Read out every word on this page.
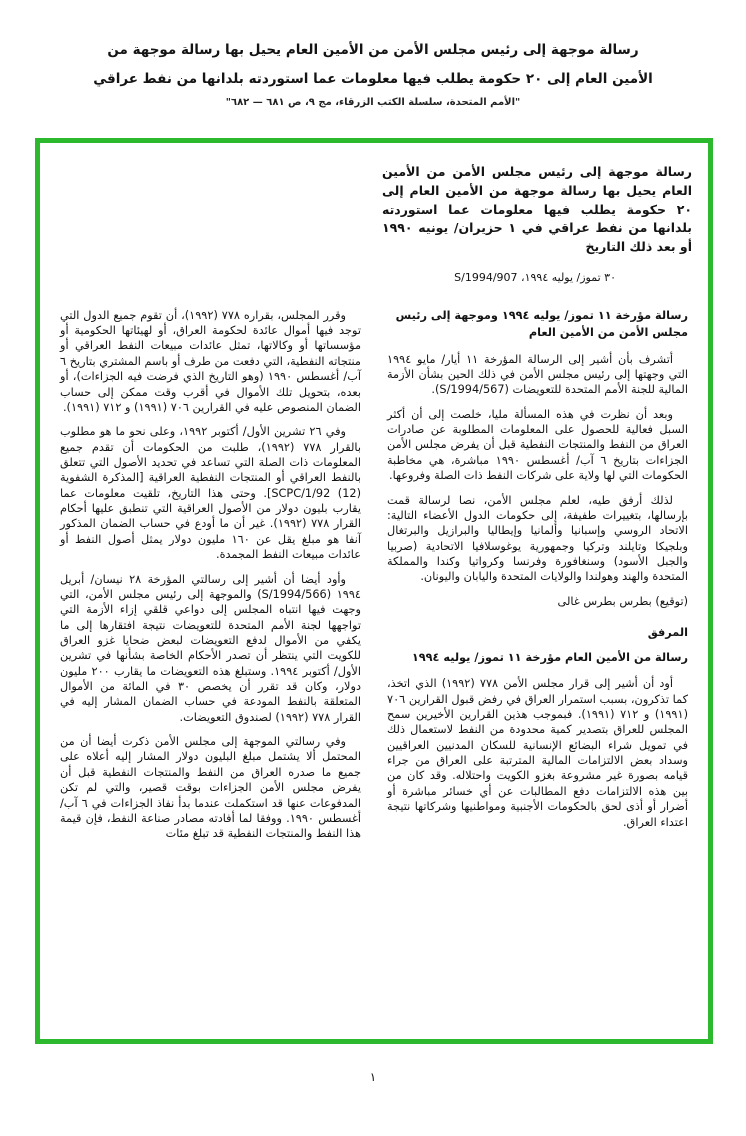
رسالة موجهة إلى رئيس مجلس الأمن من الأمين العام يحيل بها رسالة موجهة من
الأمين العام إلى ٢٠ حكومة يطلب فيها معلومات عما استوردته بلدانها من نفط عراقي
"الأمم المتحدة، سلسلة الكتب الزرقاء، مج ٩، ص ٦٨١ — ٦٨٢"
رسالة موجهة إلى رئيس مجلس الأمن من الأمين العام يحيل بها رسالة موجهة من الأمين العام إلى ٢٠ حكومة يطلب فيها معلومات عما استوردته بلدانها من نفط عراقي في ١ حزيران/ يونيه ١٩٩٠ أو بعد ذلك التاريخ
٣٠ تموز/ يوليه ١٩٩٤، S/1994/907
رسالة مؤرخة ١١ تموز/ يوليه ١٩٩٤ وموجهة إلى رئيس مجلس الأمن من الأمين العام

أتشرف بأن أشير إلى الرسالة المؤرخة ١١ أيار/ مايو ١٩٩٤ التي وجهتها إلى رئيس مجلس الأمن في ذلك الحين بشأن الأزمة المالية للجنة الأمم المتحدة للتعويضات (S/1994/567).

وبعد أن نظرت في هذه المسألة مليا، خلصت إلى أن أكثر السبل فعالية للحصول على المعلومات المطلوبة عن صادرات العراق من النفط والمنتجات النفطية قبل أن يفرض مجلس الأمن الجزاءات بتاريخ ٦ آب/ أغسطس ١٩٩٠ مباشرة، هي مخاطبة الحكومات التي لها ولاية على شركات النفط ذات الصلة وفروعها.

لذلك أرفق طيه، لعلم مجلس الأمن، نصا لرسالة قمت بإرسالها، بتغييرات طفيفة، إلى حكومات الدول الأعضاء التالية: الاتحاد الروسي وإسبانيا وألمانيا وإيطاليا والبرازيل والبرتغال وبلجيكا وتايلند وتركيا وجمهورية يوغوسلافيا الاتحادية (صربيا والجبل الأسود) وسنغافورة وفرنسا وكرواتيا وكندا والمملكة المتحدة والهند وهولندا والولايات المتحدة واليابان واليونان.

(توقيع) بطرس بطرس غالى
المرفق
رسالة من الأمين العام مؤرخة ١١ تموز/ يوليه ١٩٩٤

أود أن أشير إلى قرار مجلس الأمن ٧٧٨ (١٩٩٢) الذي اتخذ، كما تذكرون، بسبب استمرار العراق في رفض قبول القرارين ٧٠٦ (١٩٩١) و ٧١٢ (١٩٩١). فبموجب هذين القرارين الأخيرين سمح المجلس للعراق بتصدير كمية محدودة من النفط لاستعمال ذلك في تمويل شراء البضائع الإنسانية للسكان المدنيين العراقيين وسداد بعض الالتزامات المالية المترتبة على العراق من جراء قيامه بصورة غير مشروعة بغزو الكويت واحتلاله. وقد كان من بين هذه الالتزامات دفع المطالبات عن أي خسائر مباشرة أو أضرار أو أذى لحق بالحكومات الأجنبية ومواطنيها وشركاتها نتيجة اعتداء العراق.

وقرر المجلس، بقراره ٧٧٨ (١٩٩٢)، أن تقوم جميع الدول التي توجد فيها أموال عائدة لحكومة العراق، أو لهيئاتها الحكومية أو مؤسساتها أو وكالاتها، تمثل عائدات مبيعات النفط العراقي أو منتجاته النفطية، التي دفعت من طرف أو باسم المشتري بتاريخ ٦ آب/ أغسطس ١٩٩٠ (وهو التاريخ الذي فرضت فيه الجزاءات)، أو بعده، بتحويل تلك الأموال في أقرب وقت ممكن إلى حساب الضمان المنصوص عليه في القرارين ٧٠٦ (١٩٩١) و ٧١٢ (١٩٩١).

وفي ٢٦ تشرين الأول/ أكتوبر ١٩٩٢، وعلى نحو ما هو مطلوب بالقرار ٧٧٨ (١٩٩٢)، طلبت من الحكومات أن تقدم جميع المعلومات ذات الصلة التي تساعد في تحديد الأصول التي تتعلق بالنفط العراقي أو المنتجات النفطية العراقية [المذكرة الشفوية SCPC/1/92 (12)]. وحتى هذا التاريخ، تلقيت معلومات عما يقارب بليون دولار من الأصول العراقية التي تنطبق عليها أحكام القرار ٧٧٨ (١٩٩٢). غير أن ما أودع في حساب الضمان المذكور آنفا هو مبلغ يقل عن ١٦٠ مليون دولار يمثل أصول النفط أو عائدات مبيعات النفط المجمدة.

وأود أيضا أن أشير إلى رسالتي المؤرخة ٢٨ نيسان/ أبريل ١٩٩٤ (S/1994/566) والموجهة إلى رئيس مجلس الأمن، التي وجهت فيها انتباه المجلس إلى دواعي قلقي إزاء الأزمة التي تواجهها لجنة الأمم المتحدة للتعويضات نتيجة افتقارها إلى ما يكفي من الأموال لدفع التعويضات لبعض ضحايا غزو العراق للكويت التي ينتظر أن تصدر الأحكام الخاصة بشأنها في تشرين الأول/ أكتوبر ١٩٩٤. وستبلغ هذه التعويضات ما يقارب ٢٠٠ مليون دولار، وكان قد تقرر أن يخصص ٣٠ في المائة من الأموال المتعلقة بالنفط المودعة في حساب الضمان المشار إليه في القرار ٧٧٨ (١٩٩٢) لصندوق التعويضات.

وفي رسالتي الموجهة إلى مجلس الأمن ذكرت أيضا أن من المحتمل ألا يشتمل مبلغ البليون دولار المشار إليه أعلاه على جميع ما صدره العراق من النفط والمنتجات النفطية قبل أن يفرض مجلس الأمن الجزاءات بوقت قصير، والتي لم تكن المدفوعات عنها قد استكملت عندما بدأ نفاذ الجزاءات في ٦ آب/ أغسطس ١٩٩٠. ووفقا لما أفادته مصادر صناعة النفط، فإن قيمة هذا النفط والمنتجات النفطية قد تبلغ مئات

١
